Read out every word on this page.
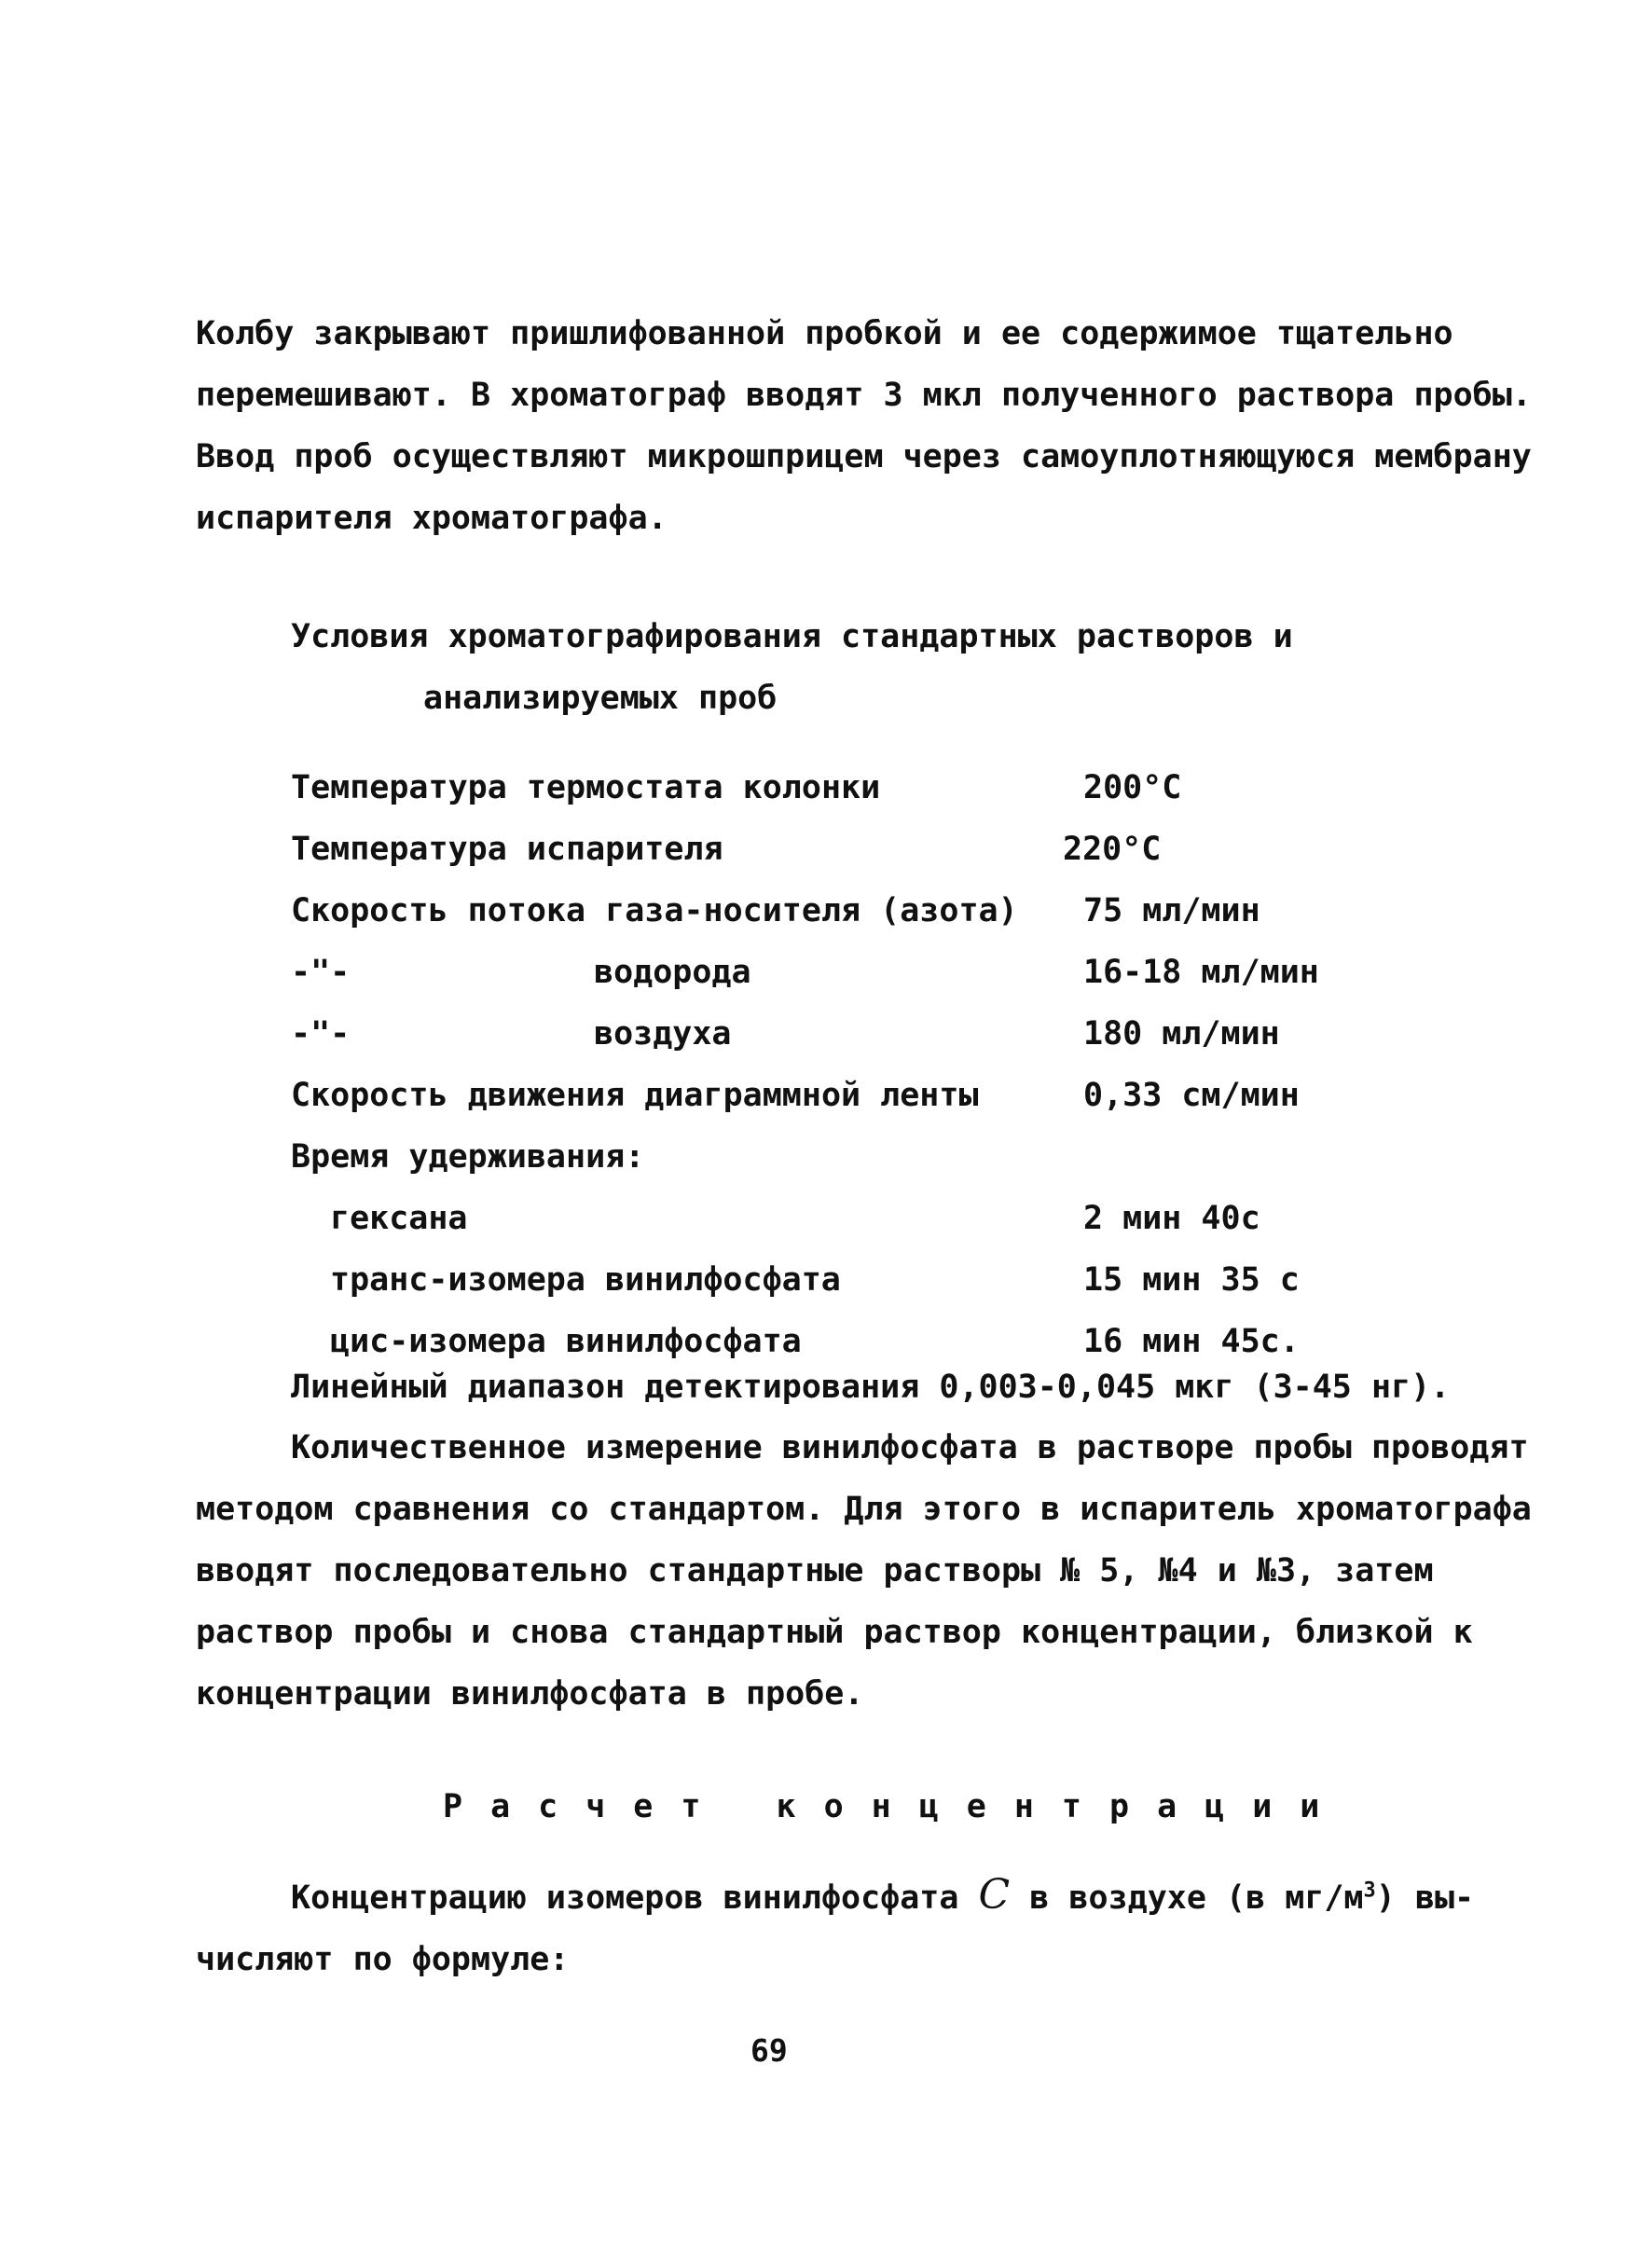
Колбу закрывают пришлифованной пробкой и ее содержимое тщательно
перемешивают. В хроматограф вводят 3 мкл полученного раствора пробы.
Ввод проб осуществляют микрошприцем через самоуплотняющуюся мембрану
испарителя хроматографа.
Условия хроматографирования стандартных растворов и
анализируемых проб
Температура термостата колонки	200°С
Температура испарителя	220°С
Скорость потока газа-носителя (азота) 75 мл/мин
-"-	водорода	16-18 мл/мин
-"-	воздуха	180 мл/мин
Скорость движения диаграммной ленты	0,33 см/мин
Время удерживания:
гексана	2 мин 40с
транс-изомера винилфосфата	15 мин 35 с
цис-изомера винилфосфата	16 мин 45с.
Линейный диапазон детектирования 0,003-0,045 мкг (3-45 нг).
Количественное измерение винилфосфата в растворе пробы проводят
методом сравнения со стандартом. Для этого в испаритель хроматографа
вводят последовательно стандартные растворы № 5, №4 и №3, затем
раствор пробы и снова стандартный раствор концентрации, близкой к
концентрации винилфосфата в пробе.
Расчет концентрации
Концентрацию изомеров винилфосфата C в воздухе (в $мг/м^3$) вы-
числяют по формуле:
69
